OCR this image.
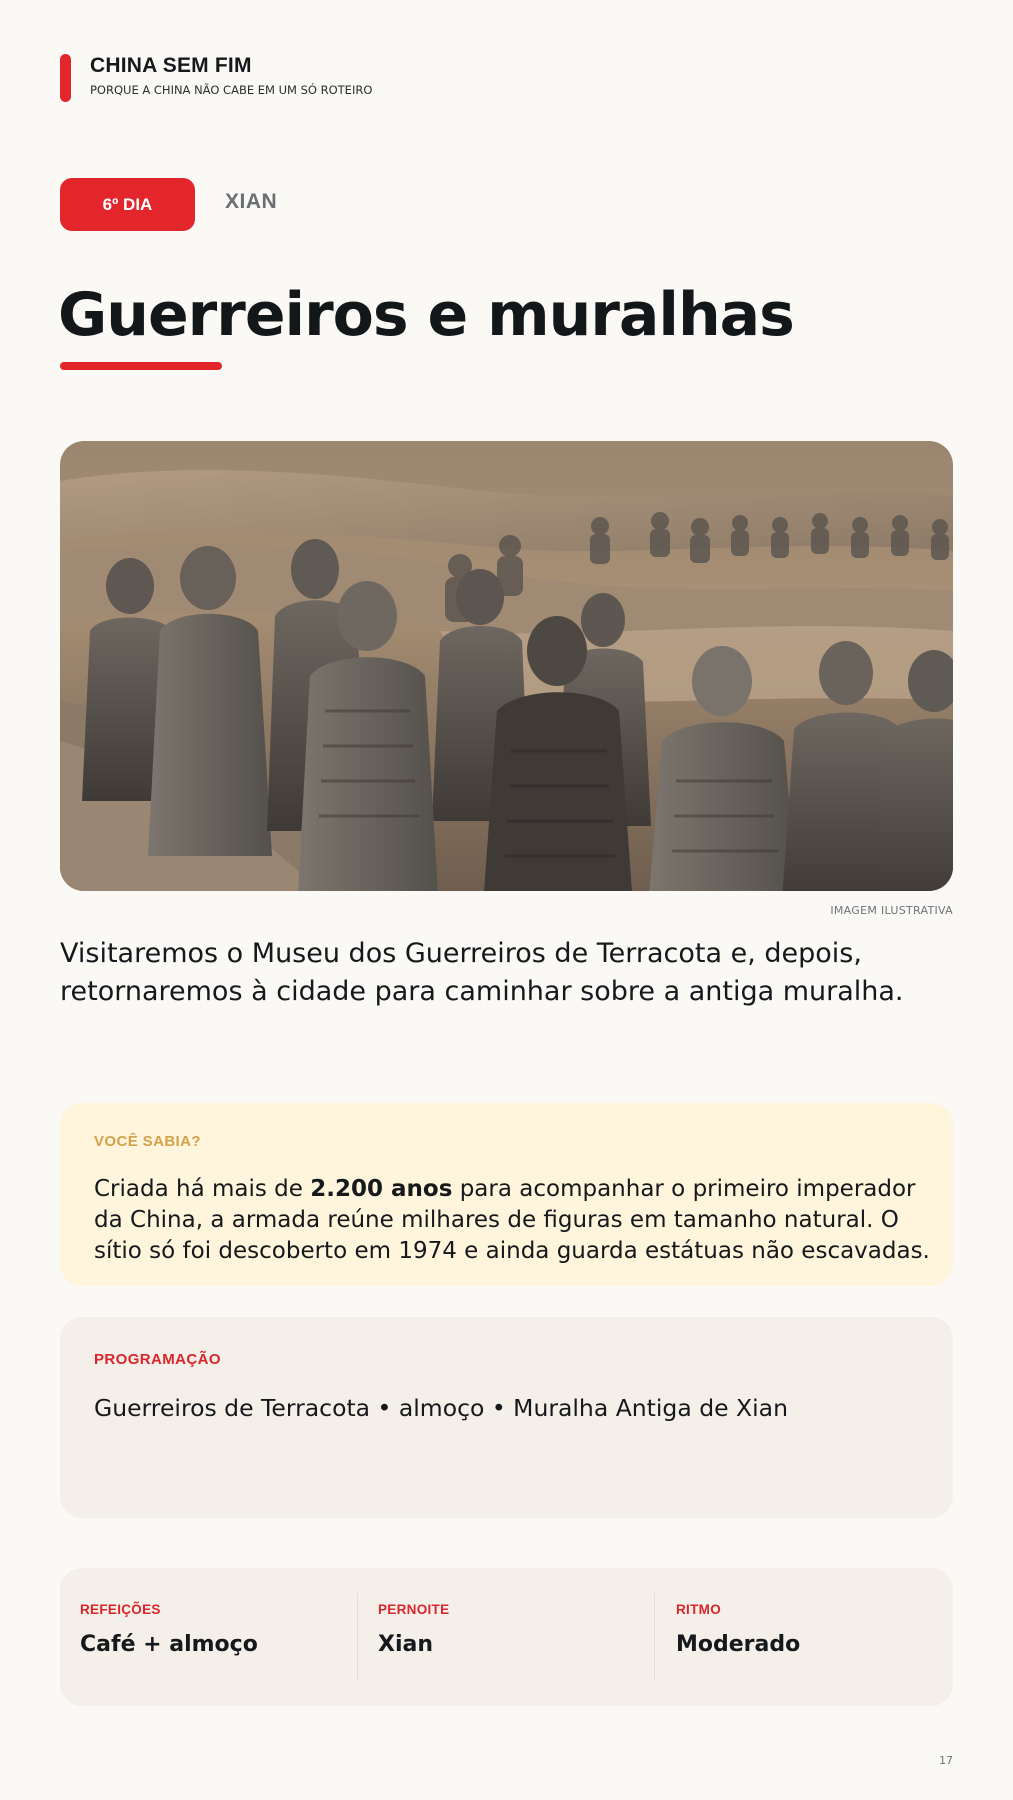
CHINA SEM FIM
PORQUE A CHINA NÃO CABE EM UM SÓ ROTEIRO
6º DIA	XIAN
Guerreiros e muralhas
IMAGEM ILUSTRATIVA

Visitaremos o Museu dos Guerreiros de Terracota e, depois, retornaremos à cidade para caminhar sobre a antiga muralha.

VOCÊ SABIA?

Criada há mais de 2.200 anos para acompanhar o primeiro imperador da China, a armada reúne milhares de figuras em tamanho natural. O sítio só foi descoberto em 1974 e ainda guarda estátuas não escavadas.

PROGRAMAÇÃO
Guerreiros de Terracota • almoço • Muralha Antiga de Xian
REFEIÇÕES
Café + almoço
PERNOITE
Xian
RITMO
Moderado
17
